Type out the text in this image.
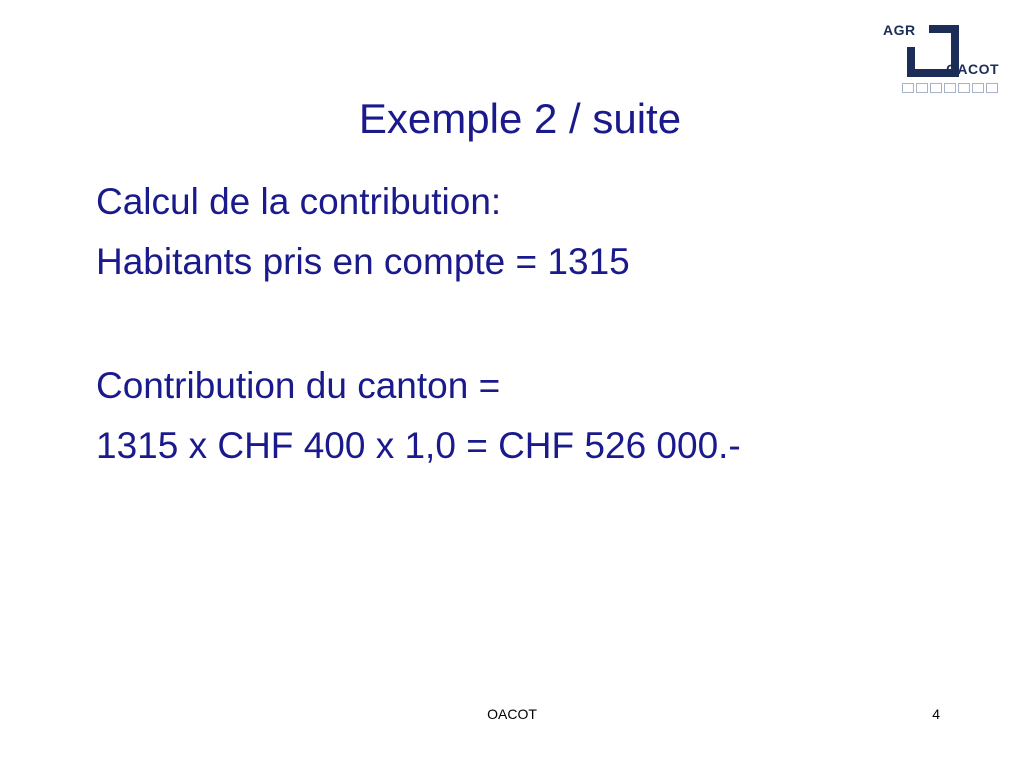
AGR
OACOT
Exemple 2 / suite
Calcul de la contribution:
Habitants pris en compte = 1315
Contribution du canton =
1315 x CHF 400 x 1,0 = CHF 526 000.-
OACOT	4
